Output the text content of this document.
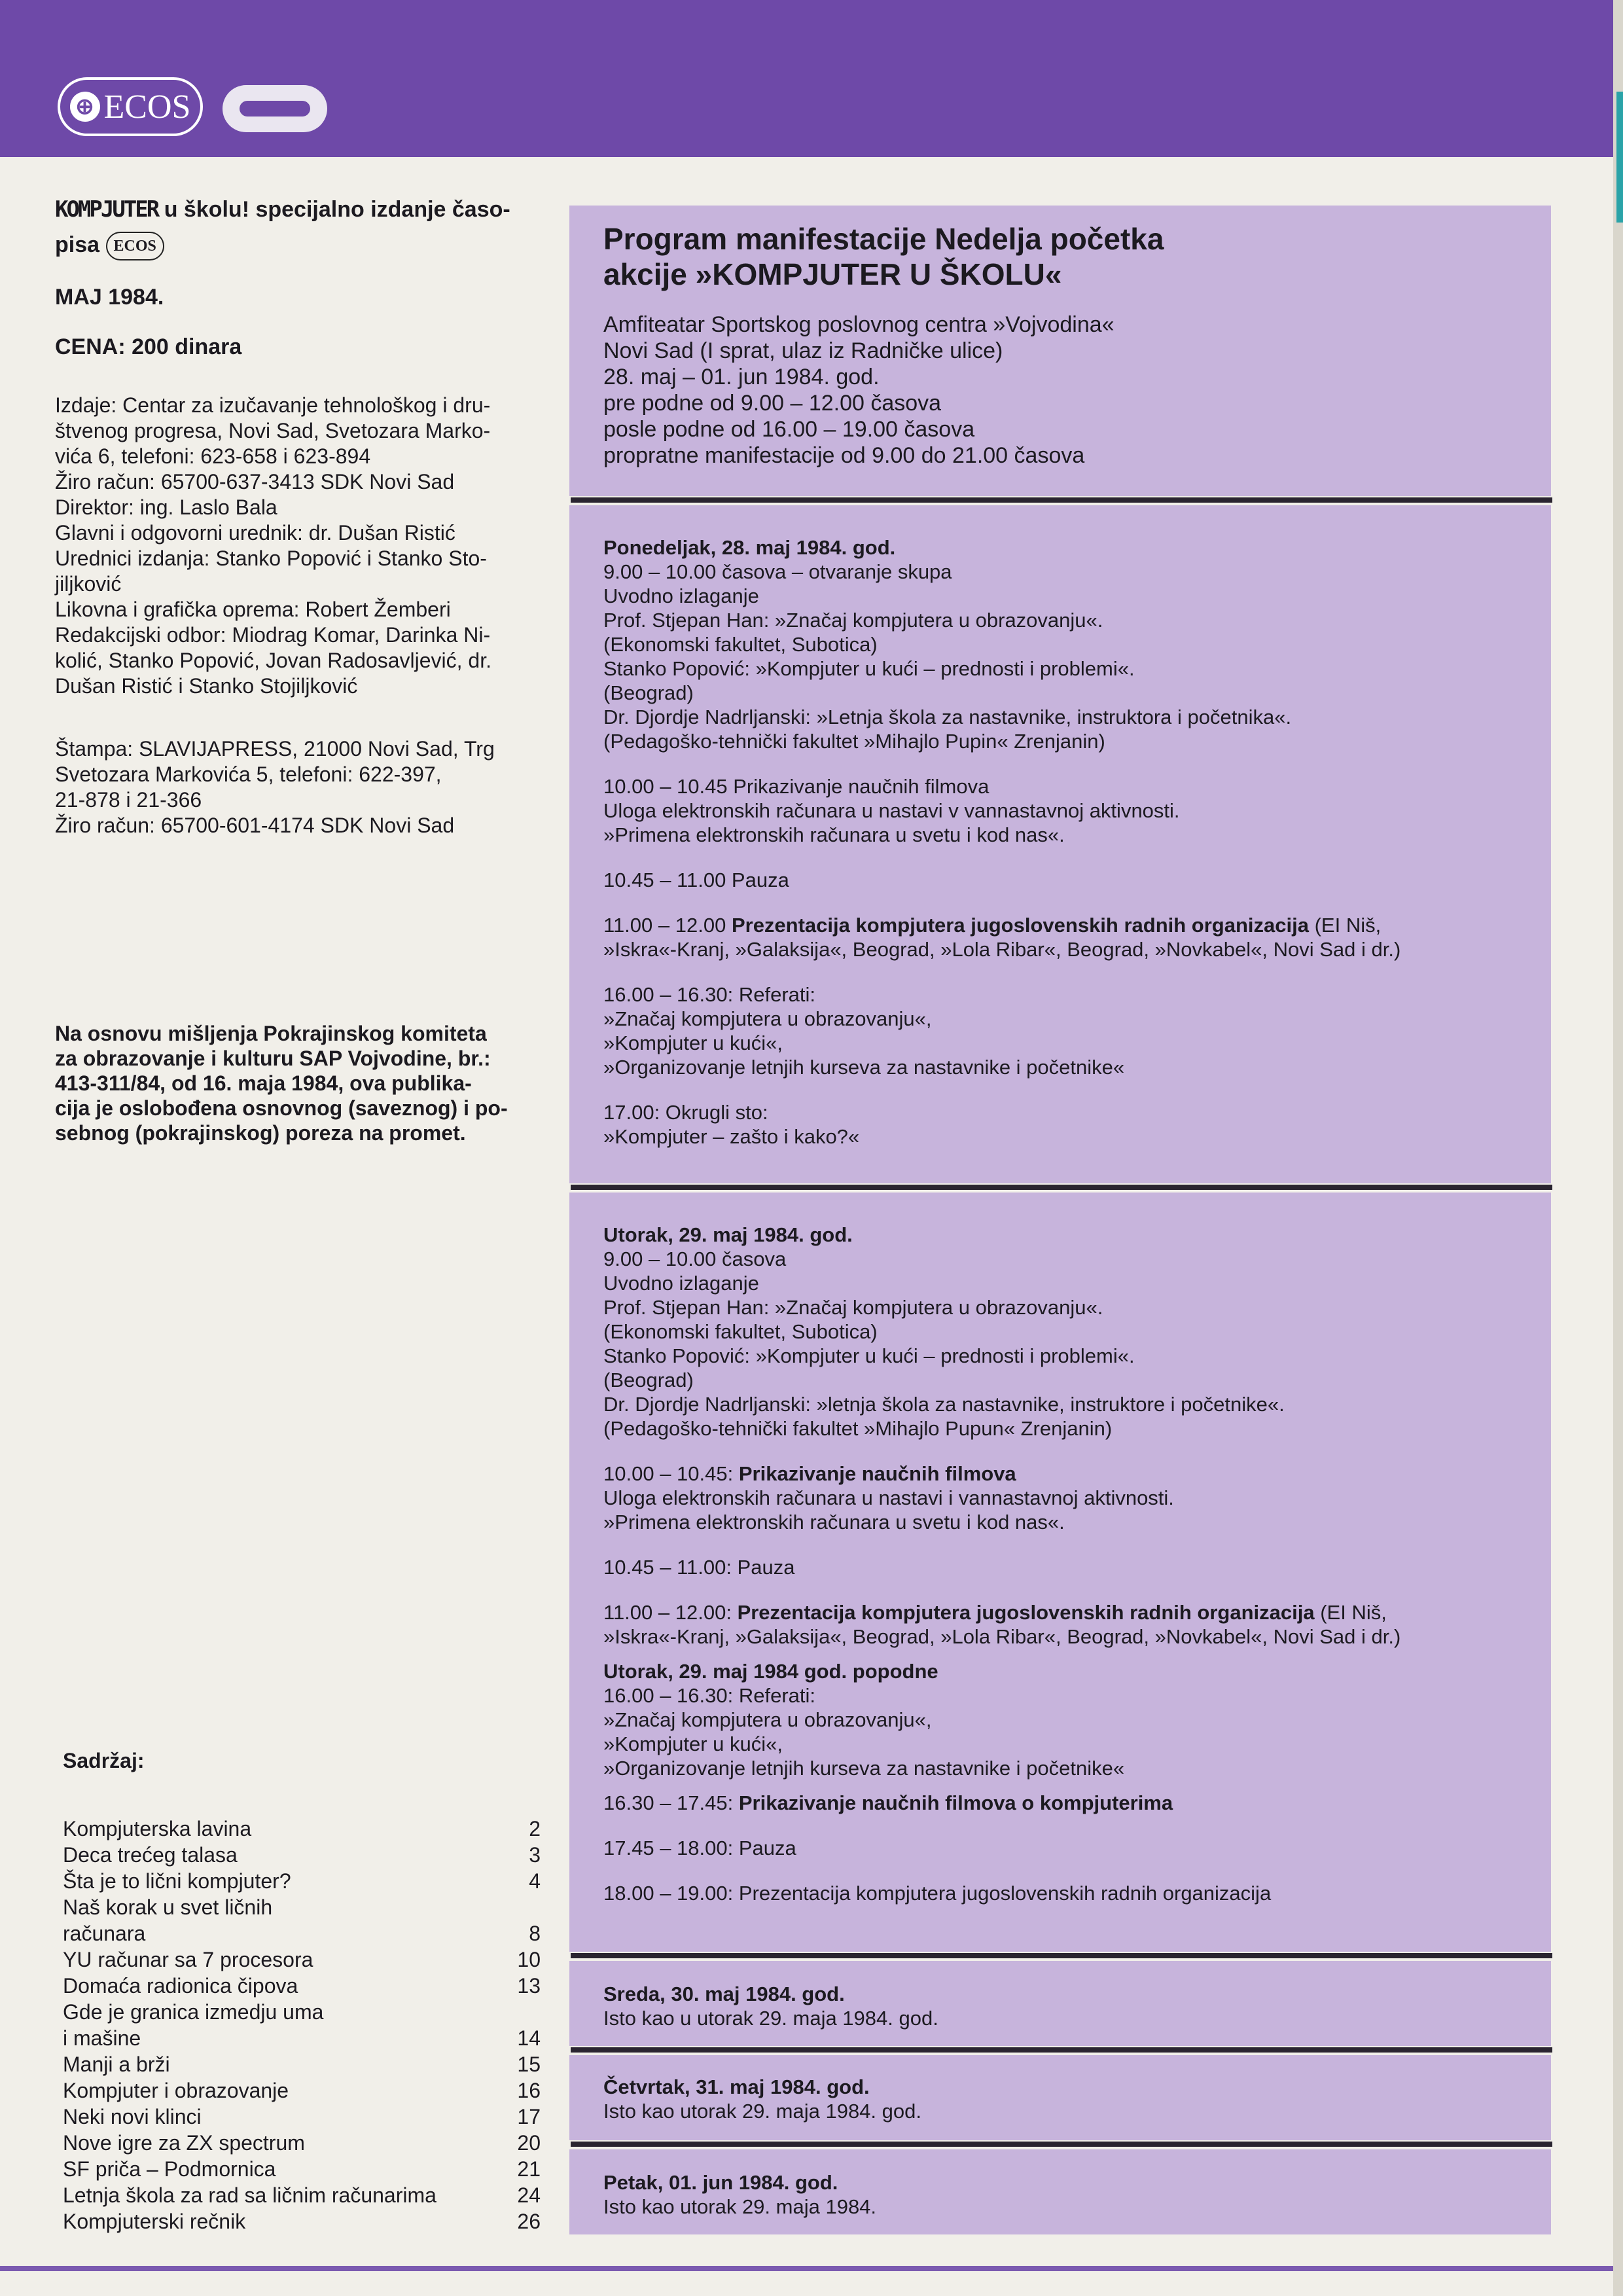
⊕ ECOS
KOMPJUTER u školu! specijalno izdanje časo-
pisa ECOS
MAJ 1984.
CENA: 200 dinara
Izdaje: Centar za izučavanje tehnološkog i dru-
štvenog progresa, Novi Sad, Svetozara Marko-
vića 6, telefoni: 623-658 i 623-894
Žiro račun: 65700-637-3413 SDK Novi Sad
Direktor: ing. Laslo Bala
Glavni i odgovorni urednik: dr. Dušan Ristić
Urednici izdanja: Stanko Popović i Stanko Sto-
jiljković
Likovna i grafička oprema: Robert Žemberi
Redakcijski odbor: Miodrag Komar, Darinka Ni-
kolić, Stanko Popović, Jovan Radosavljević, dr.
Dušan Ristić i Stanko Stojiljković
Štampa: SLAVIJAPRESS, 21000 Novi Sad, Trg
Svetozara Markovića 5, telefoni: 622-397,
21-878 i 21-366
Žiro račun: 65700-601-4174 SDK Novi Sad
Na osnovu mišljenja Pokrajinskog komiteta
za obrazovanje i kulturu SAP Vojvodine, br.:
413-311/84, od 16. maja 1984, ova publika-
cija je oslobođena osnovnog (saveznog) i po-
sebnog (pokrajinskog) poreza na promet.
Sadržaj:
Kompjuterska lavina	2
Deca trećeg talasa	3
Šta je to lični kompjuter?	4
Naš korak u svet ličnih
računara	8
YU računar sa 7 procesora	10
Domaća radionica čipova	13
Gde je granica izmedju uma
i mašine	14
Manji a brži	15
Kompjuter i obrazovanje	16
Neki novi klinci	17
Nove igre za ZX spectrum	20
SF priča – Podmornica	21
Letnja škola za rad sa ličnim računarima	24
Kompjuterski rečnik	26
Program manifestacije Nedelja početka
akcije »KOMPJUTER U ŠKOLU«
Amfiteatar Sportskog poslovnog centra »Vojvodina«
Novi Sad (I sprat, ulaz iz Radničke ulice)
28. maj – 01. jun 1984. god.
pre podne od 9.00 – 12.00 časova
posle podne od 16.00 – 19.00 časova
propratne manifestacije od 9.00 do 21.00 časova
Ponedeljak, 28. maj 1984. god.
9.00 – 10.00 časova – otvaranje skupa
Uvodno izlaganje
Prof. Stjepan Han: »Značaj kompjutera u obrazovanju«.
(Ekonomski fakultet, Subotica)
Stanko Popović: »Kompjuter u kući – prednosti i problemi«.
(Beograd)
Dr. Djordje Nadrljanski: »Letnja škola za nastavnike, instruktora i početnika«.
(Pedagoško-tehnički fakultet »Mihajlo Pupin« Zrenjanin)
10.00 – 10.45 Prikazivanje naučnih filmova
Uloga elektronskih računara u nastavi v vannastavnoj aktivnosti.
»Primena elektronskih računara u svetu i kod nas«.
10.45 – 11.00 Pauza
11.00 – 12.00 Prezentacija kompjutera jugoslovenskih radnih organizacija (EI Niš,
»Iskra«-Kranj, »Galaksija«, Beograd, »Lola Ribar«, Beograd, »Novkabel«, Novi Sad i dr.)
16.00 – 16.30: Referati:
»Značaj kompjutera u obrazovanju«,
»Kompjuter u kući«,
»Organizovanje letnjih kurseva za nastavnike i početnike«
17.00: Okrugli sto:
»Kompjuter – zašto i kako?«
Utorak, 29. maj 1984. god.
9.00 – 10.00 časova
Uvodno izlaganje
Prof. Stjepan Han: »Značaj kompjutera u obrazovanju«.
(Ekonomski fakultet, Subotica)
Stanko Popović: »Kompjuter u kući – prednosti i problemi«.
(Beograd)
Dr. Djordje Nadrljanski: »letnja škola za nastavnike, instruktore i početnike«.
(Pedagoško-tehnički fakultet »Mihajlo Pupun« Zrenjanin)
10.00 – 10.45: Prikazivanje naučnih filmova
Uloga elektronskih računara u nastavi i vannastavnoj aktivnosti.
»Primena elektronskih računara u svetu i kod nas«.
10.45 – 11.00: Pauza
11.00 – 12.00: Prezentacija kompjutera jugoslovenskih radnih organizacija (EI Niš,
»Iskra«-Kranj, »Galaksija«, Beograd, »Lola Ribar«, Beograd, »Novkabel«, Novi Sad i dr.)
Utorak, 29. maj 1984 god. popodne
16.00 – 16.30: Referati:
»Značaj kompjutera u obrazovanju«,
»Kompjuter u kući«,
»Organizovanje letnjih kurseva za nastavnike i početnike«
16.30 – 17.45: Prikazivanje naučnih filmova o kompjuterima
17.45 – 18.00: Pauza
18.00 – 19.00: Prezentacija kompjutera jugoslovenskih radnih organizacija
Sreda, 30. maj 1984. god.
Isto kao u utorak 29. maja 1984. god.
Četvrtak, 31. maj 1984. god.
Isto kao utorak 29. maja 1984. god.
Petak, 01. jun 1984. god.
Isto kao utorak 29. maja 1984.
